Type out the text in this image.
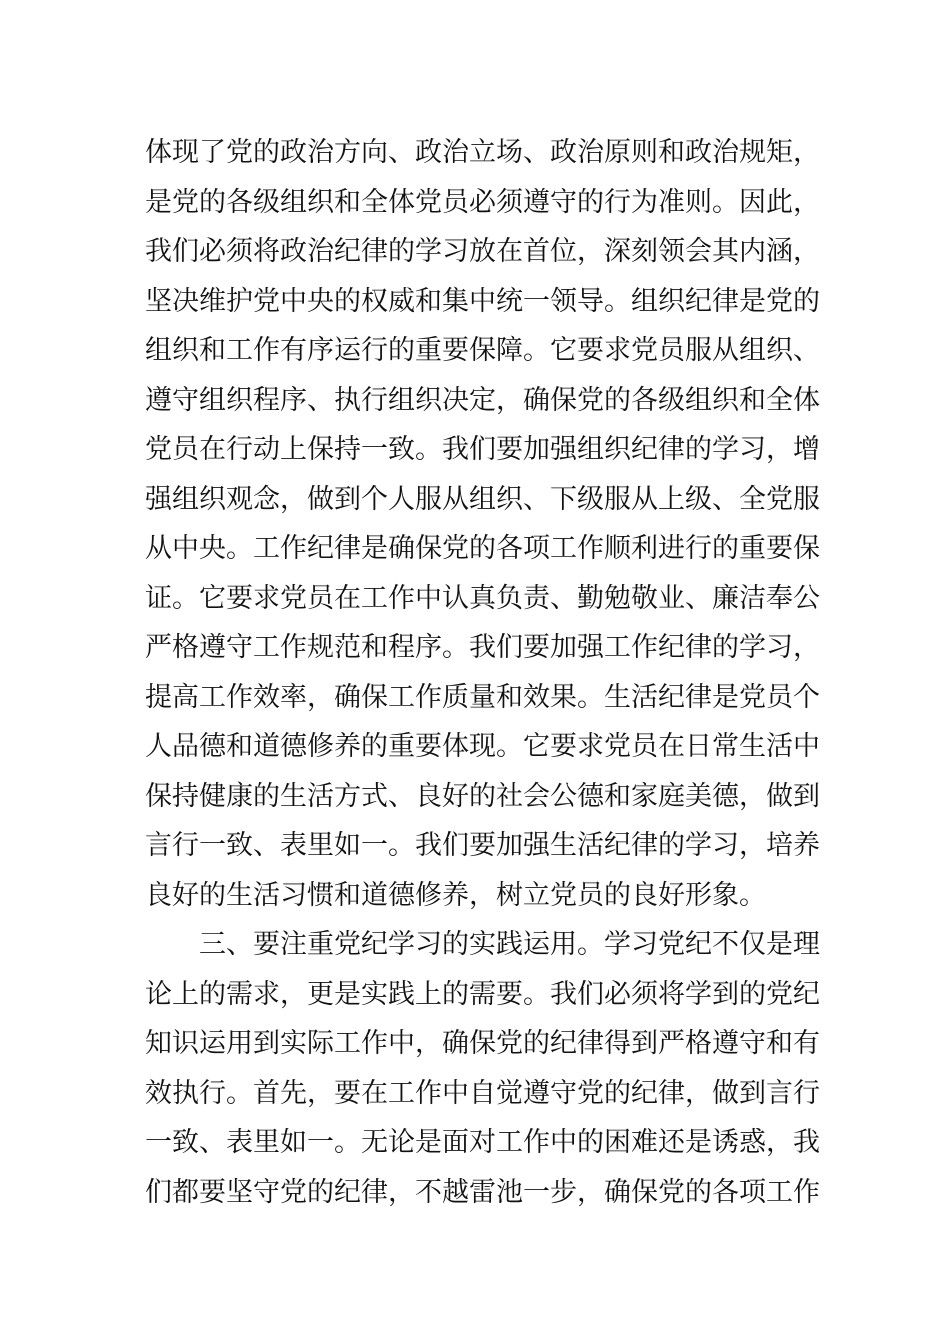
体现了党的政治方向、政治立场、政治原则和政治规矩，
是党的各级组织和全体党员必须遵守的行为准则。因此，
我们必须将政治纪律的学习放在首位，深刻领会其内涵，
坚决维护党中央的权威和集中统一领导。组织纪律是党的
组织和工作有序运行的重要保障。它要求党员服从组织、
遵守组织程序、执行组织决定，确保党的各级组织和全体
党员在行动上保持一致。我们要加强组织纪律的学习，增
强组织观念，做到个人服从组织、下级服从上级、全党服
从中央。工作纪律是确保党的各项工作顺利进行的重要保
证。它要求党员在工作中认真负责、勤勉敬业、廉洁奉公
严格遵守工作规范和程序。我们要加强工作纪律的学习，
提高工作效率，确保工作质量和效果。生活纪律是党员个
人品德和道德修养的重要体现。它要求党员在日常生活中
保持健康的生活方式、良好的社会公德和家庭美德，做到
言行一致、表里如一。我们要加强生活纪律的学习，培养
良好的生活习惯和道德修养，树立党员的良好形象。
三、要注重党纪学习的实践运用。学习党纪不仅是理
论上的需求，更是实践上的需要。我们必须将学到的党纪
知识运用到实际工作中，确保党的纪律得到严格遵守和有
效执行。首先，要在工作中自觉遵守党的纪律，做到言行
一致、表里如一。无论是面对工作中的困难还是诱惑，我
们都要坚守党的纪律，不越雷池一步，确保党的各项工作
